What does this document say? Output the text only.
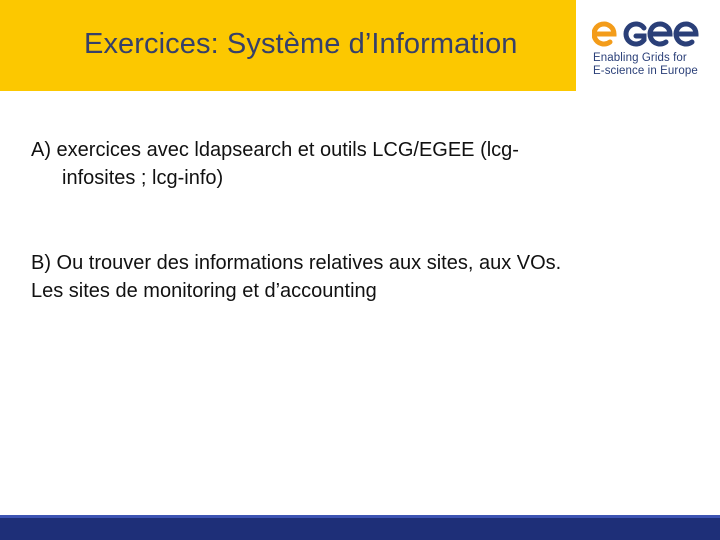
Exercices: Système d’Information	Enabling Grids for
E-science in Europe
A) exercices avec ldapsearch et outils LCG/EGEE (lcg-
infosites ; lcg-info)
B) Ou trouver des informations relatives aux sites, aux VOs.
Les sites de monitoring et d’accounting
